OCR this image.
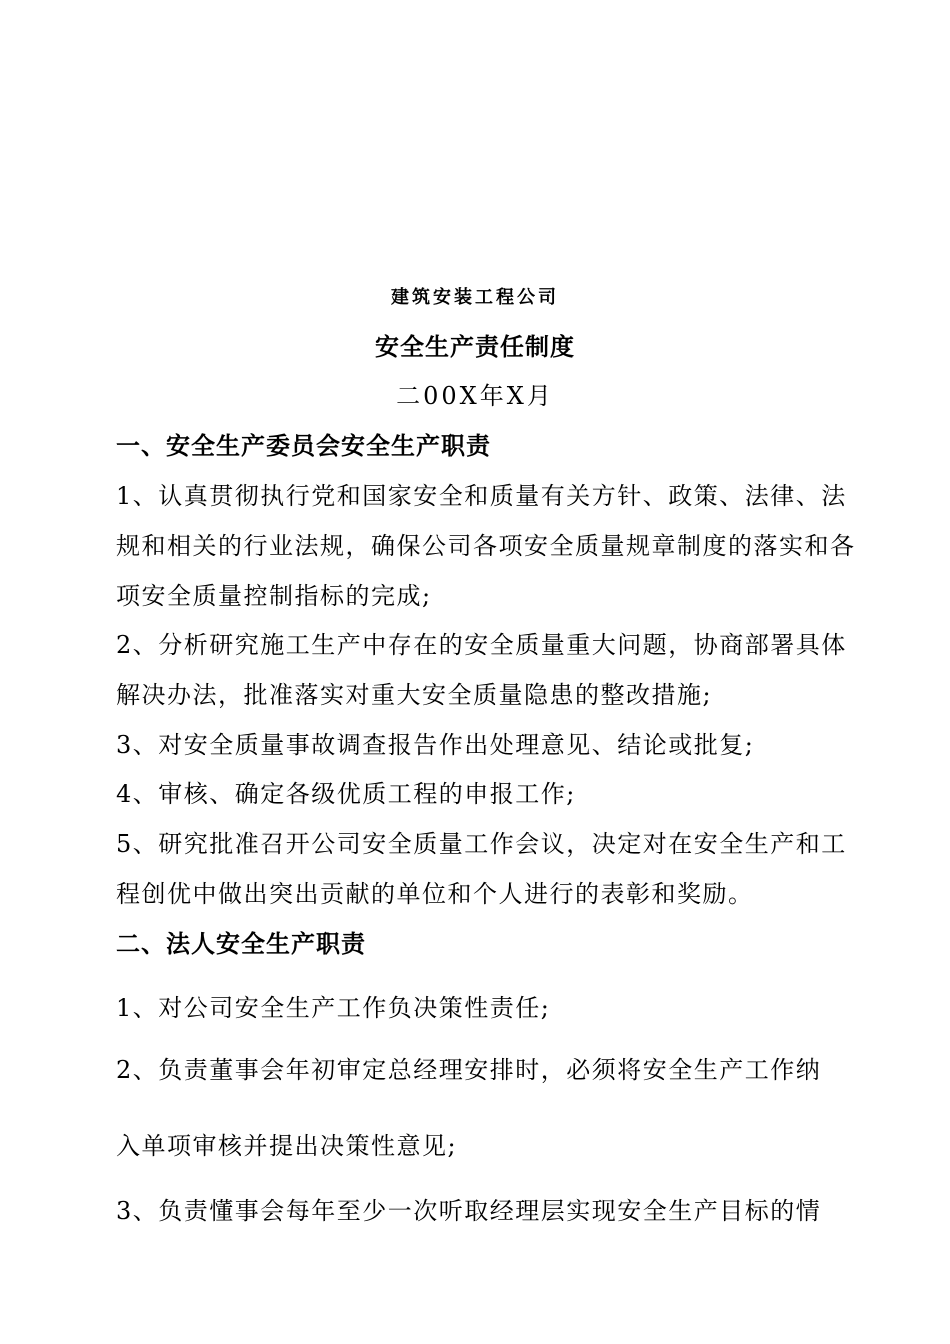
建筑安装工程公司
安全生产责任制度
二00X年X月
一、安全生产委员会安全生产职责
1、认真贯彻执行党和国家安全和质量有关方针、政策、法律、法
规和相关的行业法规，确保公司各项安全质量规章制度的落实和各
项安全质量控制指标的完成;
2、分析研究施工生产中存在的安全质量重大问题，协商部署具体
解决办法，批准落实对重大安全质量隐患的整改措施;
3、对安全质量事故调查报告作出处理意见、结论或批复;
4、审核、确定各级优质工程的申报工作;
5、研究批准召开公司安全质量工作会议，决定对在安全生产和工
程创优中做出突出贡献的单位和个人进行的表彰和奖励。
二、法人安全生产职责
1、对公司安全生产工作负决策性责任;
2、负责董事会年初审定总经理安排时，必须将安全生产工作纳
入单项审核并提出决策性意见;
3、负责懂事会每年至少一次听取经理层实现安全生产目标的情
